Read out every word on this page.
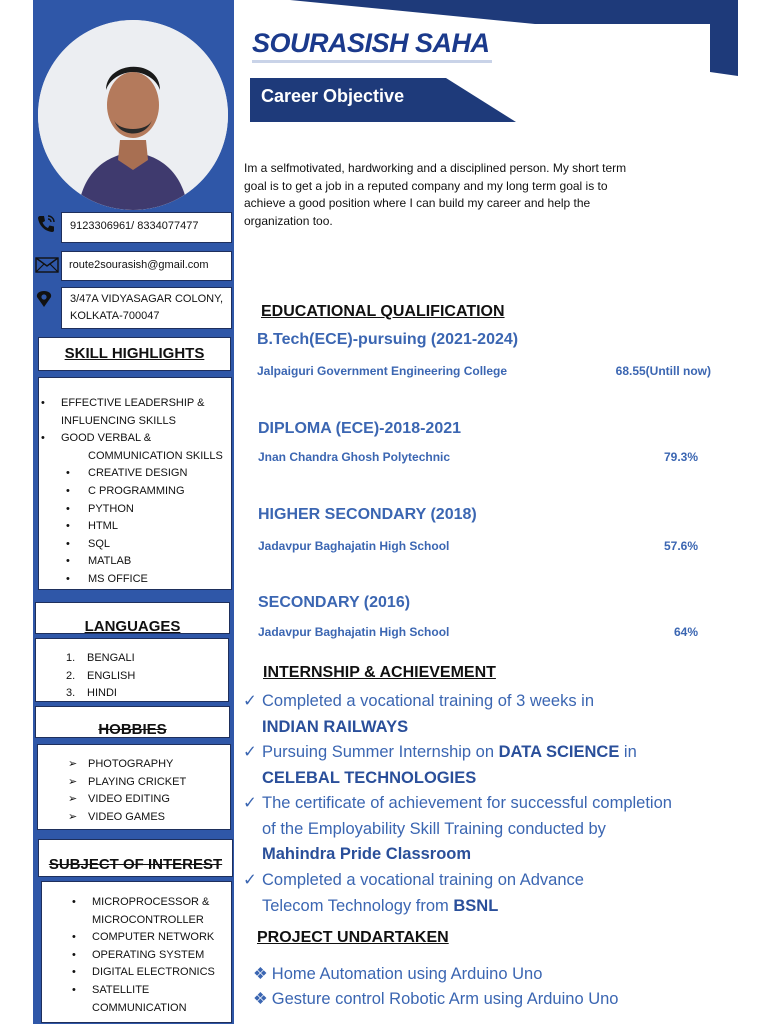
9123306961/ 8334077477
route2sourasish@gmail.com
3/47A VIDYASAGAR COLONY,
KOLKATA-700047
SKILL HIGHLIGHTS
• EFFECTIVE LEADERSHIP &
INFLUENCING SKILLS
• GOOD VERBAL &
COMMUNICATION SKILLS
• CREATIVE DESIGN
• C PROGRAMMING
• PYTHON
• HTML
• SQL
• MATLAB
• MS OFFICE
LANGUAGES
1. BENGALI
2. ENGLISH
3. HINDI
HOBBIES
➢ PHOTOGRAPHY
➢ PLAYING CRICKET
➢ VIDEO EDITING
➢ VIDEO GAMES
SUBJECT OF INTEREST
• MICROPROCESSOR &
MICROCONTROLLER
• COMPUTER NETWORK
• OPERATING SYSTEM
• DIGITAL ELECTRONICS
• SATELLITE
COMMUNICATION
SOURASISH SAHA
Career Objective
Im a selfmotivated, hardworking and a disciplined person. My short term goal is to get a job in a reputed company and my long term goal is to achieve a good position where I can build my career and help the organization too.
EDUCATIONAL QUALIFICATION
B.Tech(ECE)-pursuing (2021-2024)
Jalpaiguri Government Engineering College	68.55(Untill now)
DIPLOMA (ECE)-2018-2021
Jnan Chandra Ghosh Polytechnic	79.3%
HIGHER SECONDARY (2018)
Jadavpur Baghajatin High School	57.6%
SECONDARY (2016)
Jadavpur Baghajatin High School	64%
INTERNSHIP & ACHIEVEMENT
✓ Completed a vocational training of 3 weeks in
INDIAN RAILWAYS
✓ Pursuing Summer Internship on DATA SCIENCE in
CELEBAL TECHNOLOGIES
✓ The certificate of achievement for successful completion
of the Employability Skill Training conducted by
Mahindra Pride Classroom
✓ Completed a vocational training on Advance
Telecom Technology from BSNL
PROJECT UNDARTAKEN
❖ Home Automation using Arduino Uno
❖ Gesture control Robotic Arm using Arduino Uno
